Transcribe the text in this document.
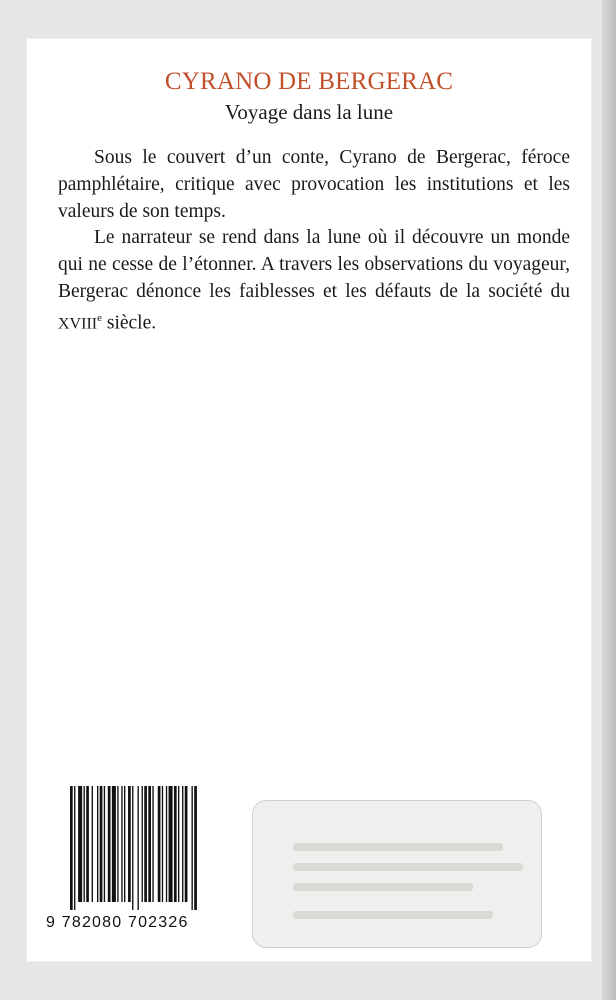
CYRANO DE BERGERAC
Voyage dans la lune

Sous le couvert d’un conte, Cyrano de Bergerac, féroce pamphlétaire, critique avec provocation les institutions et les valeurs de son temps.

Le narrateur se rend dans la lune où il découvre un monde qui ne cesse de l’étonner. A travers les observations du voyageur, Bergerac dénonce les faiblesses et les défauts de la société du XVIIIe siècle.

9 782080 702326
